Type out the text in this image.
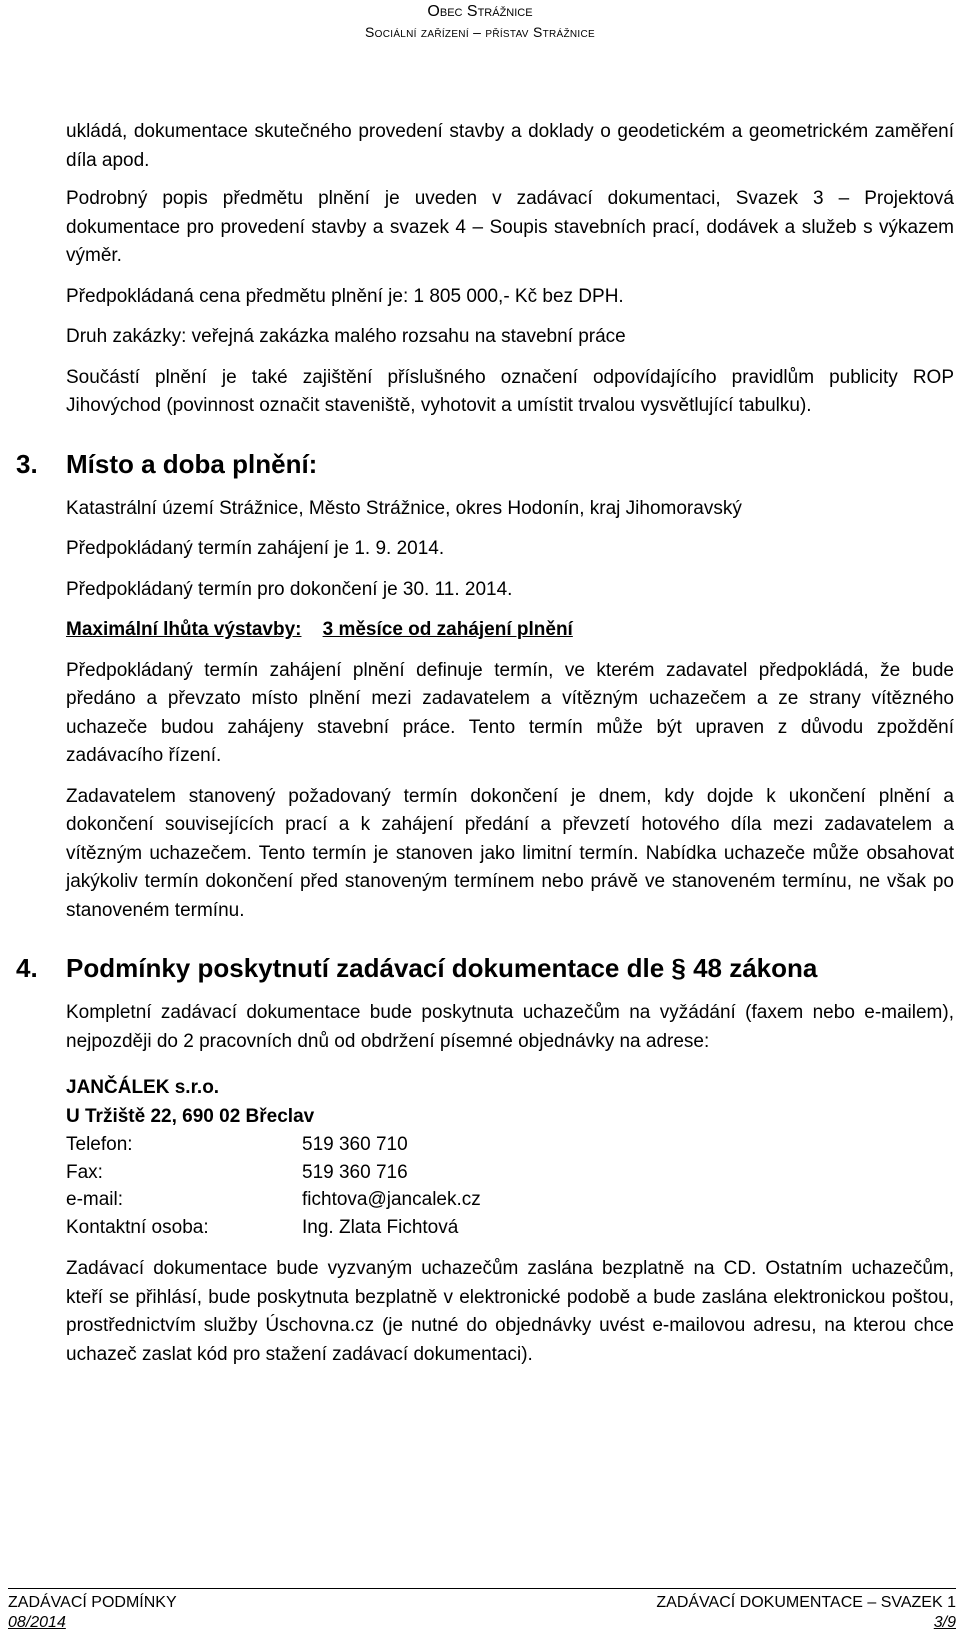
Obec Strážnice
Sociální zařízení – přístav Strážnice

ukládá, dokumentace skutečného provedení stavby a doklady o geodetickém a geometrickém zaměření díla apod.

Podrobný popis předmětu plnění je uveden v zadávací dokumentaci, Svazek 3 – Projektová dokumentace pro provedení stavby a svazek 4 – Soupis stavebních prací, dodávek a služeb s výkazem výměr.

Předpokládaná cena předmětu plnění je: 1 805 000,- Kč bez DPH.

Druh zakázky: veřejná zakázka malého rozsahu na stavební práce

Součástí plnění je také zajištění příslušného označení odpovídajícího pravidlům publicity ROP Jihovýchod (povinnost označit staveniště, vyhotovit a umístit trvalou vysvětlující tabulku).

3. Místo a doba plnění:

Katastrální území Strážnice, Město Strážnice, okres Hodonín, kraj Jihomoravský

Předpokládaný termín zahájení je 1. 9. 2014.

Předpokládaný termín pro dokončení je 30. 11. 2014.

Maximální lhůta výstavby: 3 měsíce od zahájení plnění

Předpokládaný termín zahájení plnění definuje termín, ve kterém zadavatel předpokládá, že bude předáno a převzato místo plnění mezi zadavatelem a vítězným uchazečem a ze strany vítězného uchazeče budou zahájeny stavební práce. Tento termín může být upraven z důvodu zpoždění zadávacího řízení.

Zadavatelem stanovený požadovaný termín dokončení je dnem, kdy dojde k ukončení plnění a dokončení souvisejících prací a k zahájení předání a převzetí hotového díla mezi zadavatelem a vítězným uchazečem. Tento termín je stanoven jako limitní termín. Nabídka uchazeče může obsahovat jakýkoliv termín dokončení před stanoveným termínem nebo právě ve stanoveném termínu, ne však po stanoveném termínu.

4. Podmínky poskytnutí zadávací dokumentace dle § 48 zákona

Kompletní zadávací dokumentace bude poskytnuta uchazečům na vyžádání (faxem nebo e-mailem), nejpozději do 2 pracovních dnů od obdržení písemné objednávky na adrese:

JANČÁLEK s.r.o.

U Tržiště 22, 690 02 Břeclav

Telefon:	519 360 710
Fax:	519 360 716
e-mail:	fichtova@jancalek.cz
Kontaktní osoba:	Ing. Zlata Fichtová

Zadávací dokumentace bude vyzvaným uchazečům zaslána bezplatně na CD. Ostatním uchazečům, kteří se přihlásí, bude poskytnuta bezplatně v elektronické podobě a bude zaslána elektronickou poštou, prostřednictvím služby Úschovna.cz (je nutné do objednávky uvést e-mailovou adresu, na kterou chce uchazeč zaslat kód pro stažení zadávací dokumentaci).

ZADÁVACÍ PODMÍNKY	ZADÁVACÍ DOKUMENTACE – SVAZEK 1
08/2014	3/9
